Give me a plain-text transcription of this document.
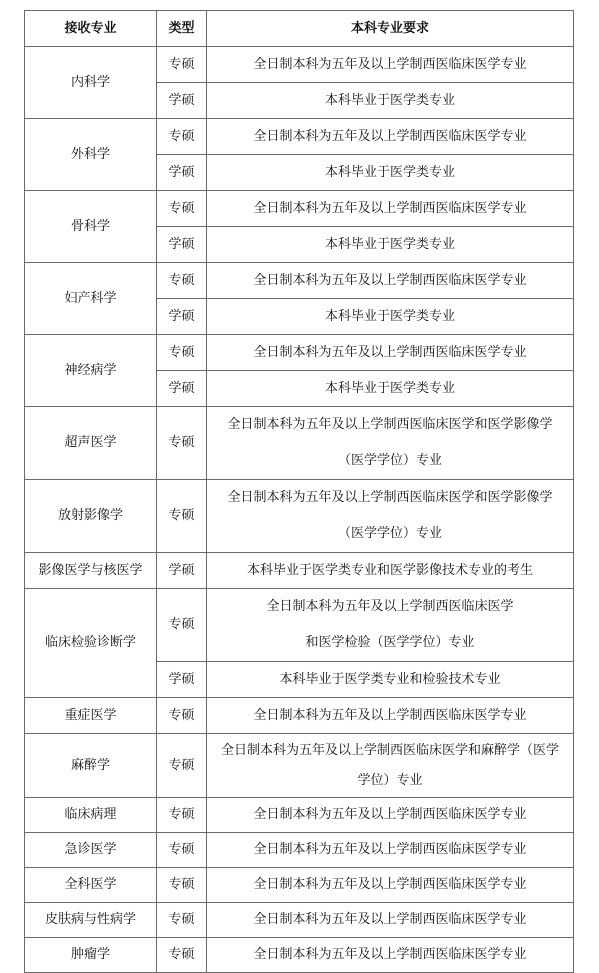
接收专业	类型	本科专业要求
内科学	专硕	全日制本科为五年及以上学制西医临床医学专业
	学硕	本科毕业于医学类专业
外科学	专硕	全日制本科为五年及以上学制西医临床医学专业
	学硕	本科毕业于医学类专业
骨科学	专硕	全日制本科为五年及以上学制西医临床医学专业
	学硕	本科毕业于医学类专业
妇产科学	专硕	全日制本科为五年及以上学制西医临床医学专业
	学硕	本科毕业于医学类专业
神经病学	专硕	全日制本科为五年及以上学制西医临床医学专业
	学硕	本科毕业于医学类专业
超声医学	专硕	全日制本科为五年及以上学制西医临床医学和医学影像学
（医学学位）专业
放射影像学	专硕	全日制本科为五年及以上学制西医临床医学和医学影像学
（医学学位）专业
影像医学与核医学	学硕	本科毕业于医学类专业和医学影像技术专业的考生
临床检验诊断学	专硕	全日制本科为五年及以上学制西医临床医学
和医学检验（医学学位）专业
	学硕	本科毕业于医学类专业和检验技术专业
重症医学	专硕	全日制本科为五年及以上学制西医临床医学专业
麻醉学	专硕	全日制本科为五年及以上学制西医临床医学和麻醉学（医学
学位）专业
临床病理	专硕	全日制本科为五年及以上学制西医临床医学专业
急诊医学	专硕	全日制本科为五年及以上学制西医临床医学专业
全科医学	专硕	全日制本科为五年及以上学制西医临床医学专业
皮肤病与性病学	专硕	全日制本科为五年及以上学制西医临床医学专业
肿瘤学	专硕	全日制本科为五年及以上学制西医临床医学专业
